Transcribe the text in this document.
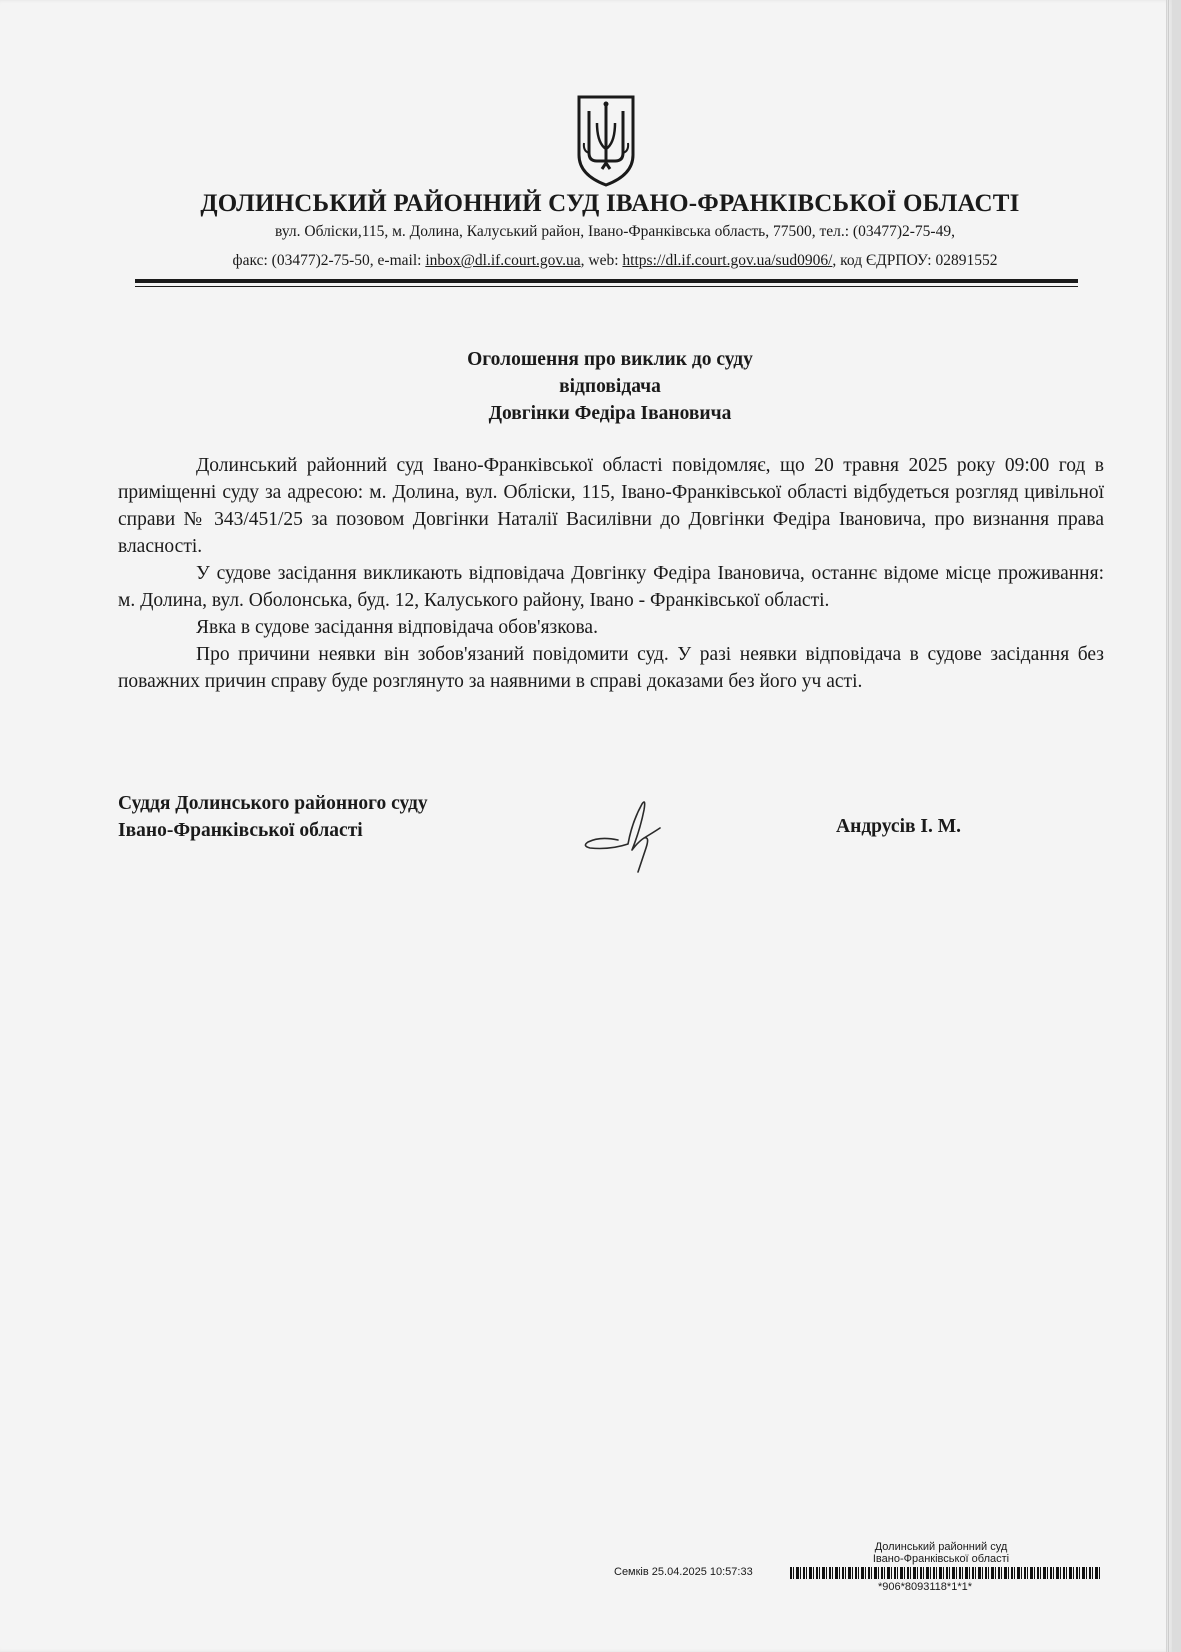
ДОЛИНСЬКИЙ РАЙОННИЙ СУД ІВАНО-ФРАНКІВСЬКОЇ ОБЛАСТІ
вул. Обліски,115, м. Долина, Калуський район, Івано-Франківська область, 77500, тел.: (03477)2-75-49,
факс: (03477)2-75-50, e-mail: inbox@dl.if.court.gov.ua, web: https://dl.if.court.gov.ua/sud0906/, код ЄДРПОУ: 02891552
Оголошення про виклик до суду
відповідача
Довгінки Федіра Івановича

Долинський районний суд Івано-Франківської області повідомляє, що 20 травня 2025 року 09:00 год в приміщенні суду за адресою: м. Долина, вул. Обліски, 115, Івано-Франківської області відбудеться розгляд цивільної справи № 343/451/25 за позовом Довгінки Наталії Василівни до Довгінки Федіра Івановича, про визнання права власності.

У судове засідання викликають відповідача Довгінку Федіра Івановича, останнє відоме місце проживання: м. Долина, вул. Оболонська, буд. 12, Калуського району, Івано - Франківської області.

Явка в судове засідання відповідача обов'язкова.

Про причини неявки він зобов'язаний повідомити суд. У разі неявки відповідача в судове засідання без поважних причин справу буде розглянуто за наявними в справі доказами без його уч асті.

Суддя Долинського районного суду
Івано-Франківської області	Андрусів І. М.
Долинський районний суд
Івано-Франківської області
Семків 25.04.2025 10:57:33
*906*8093118*1*1*
